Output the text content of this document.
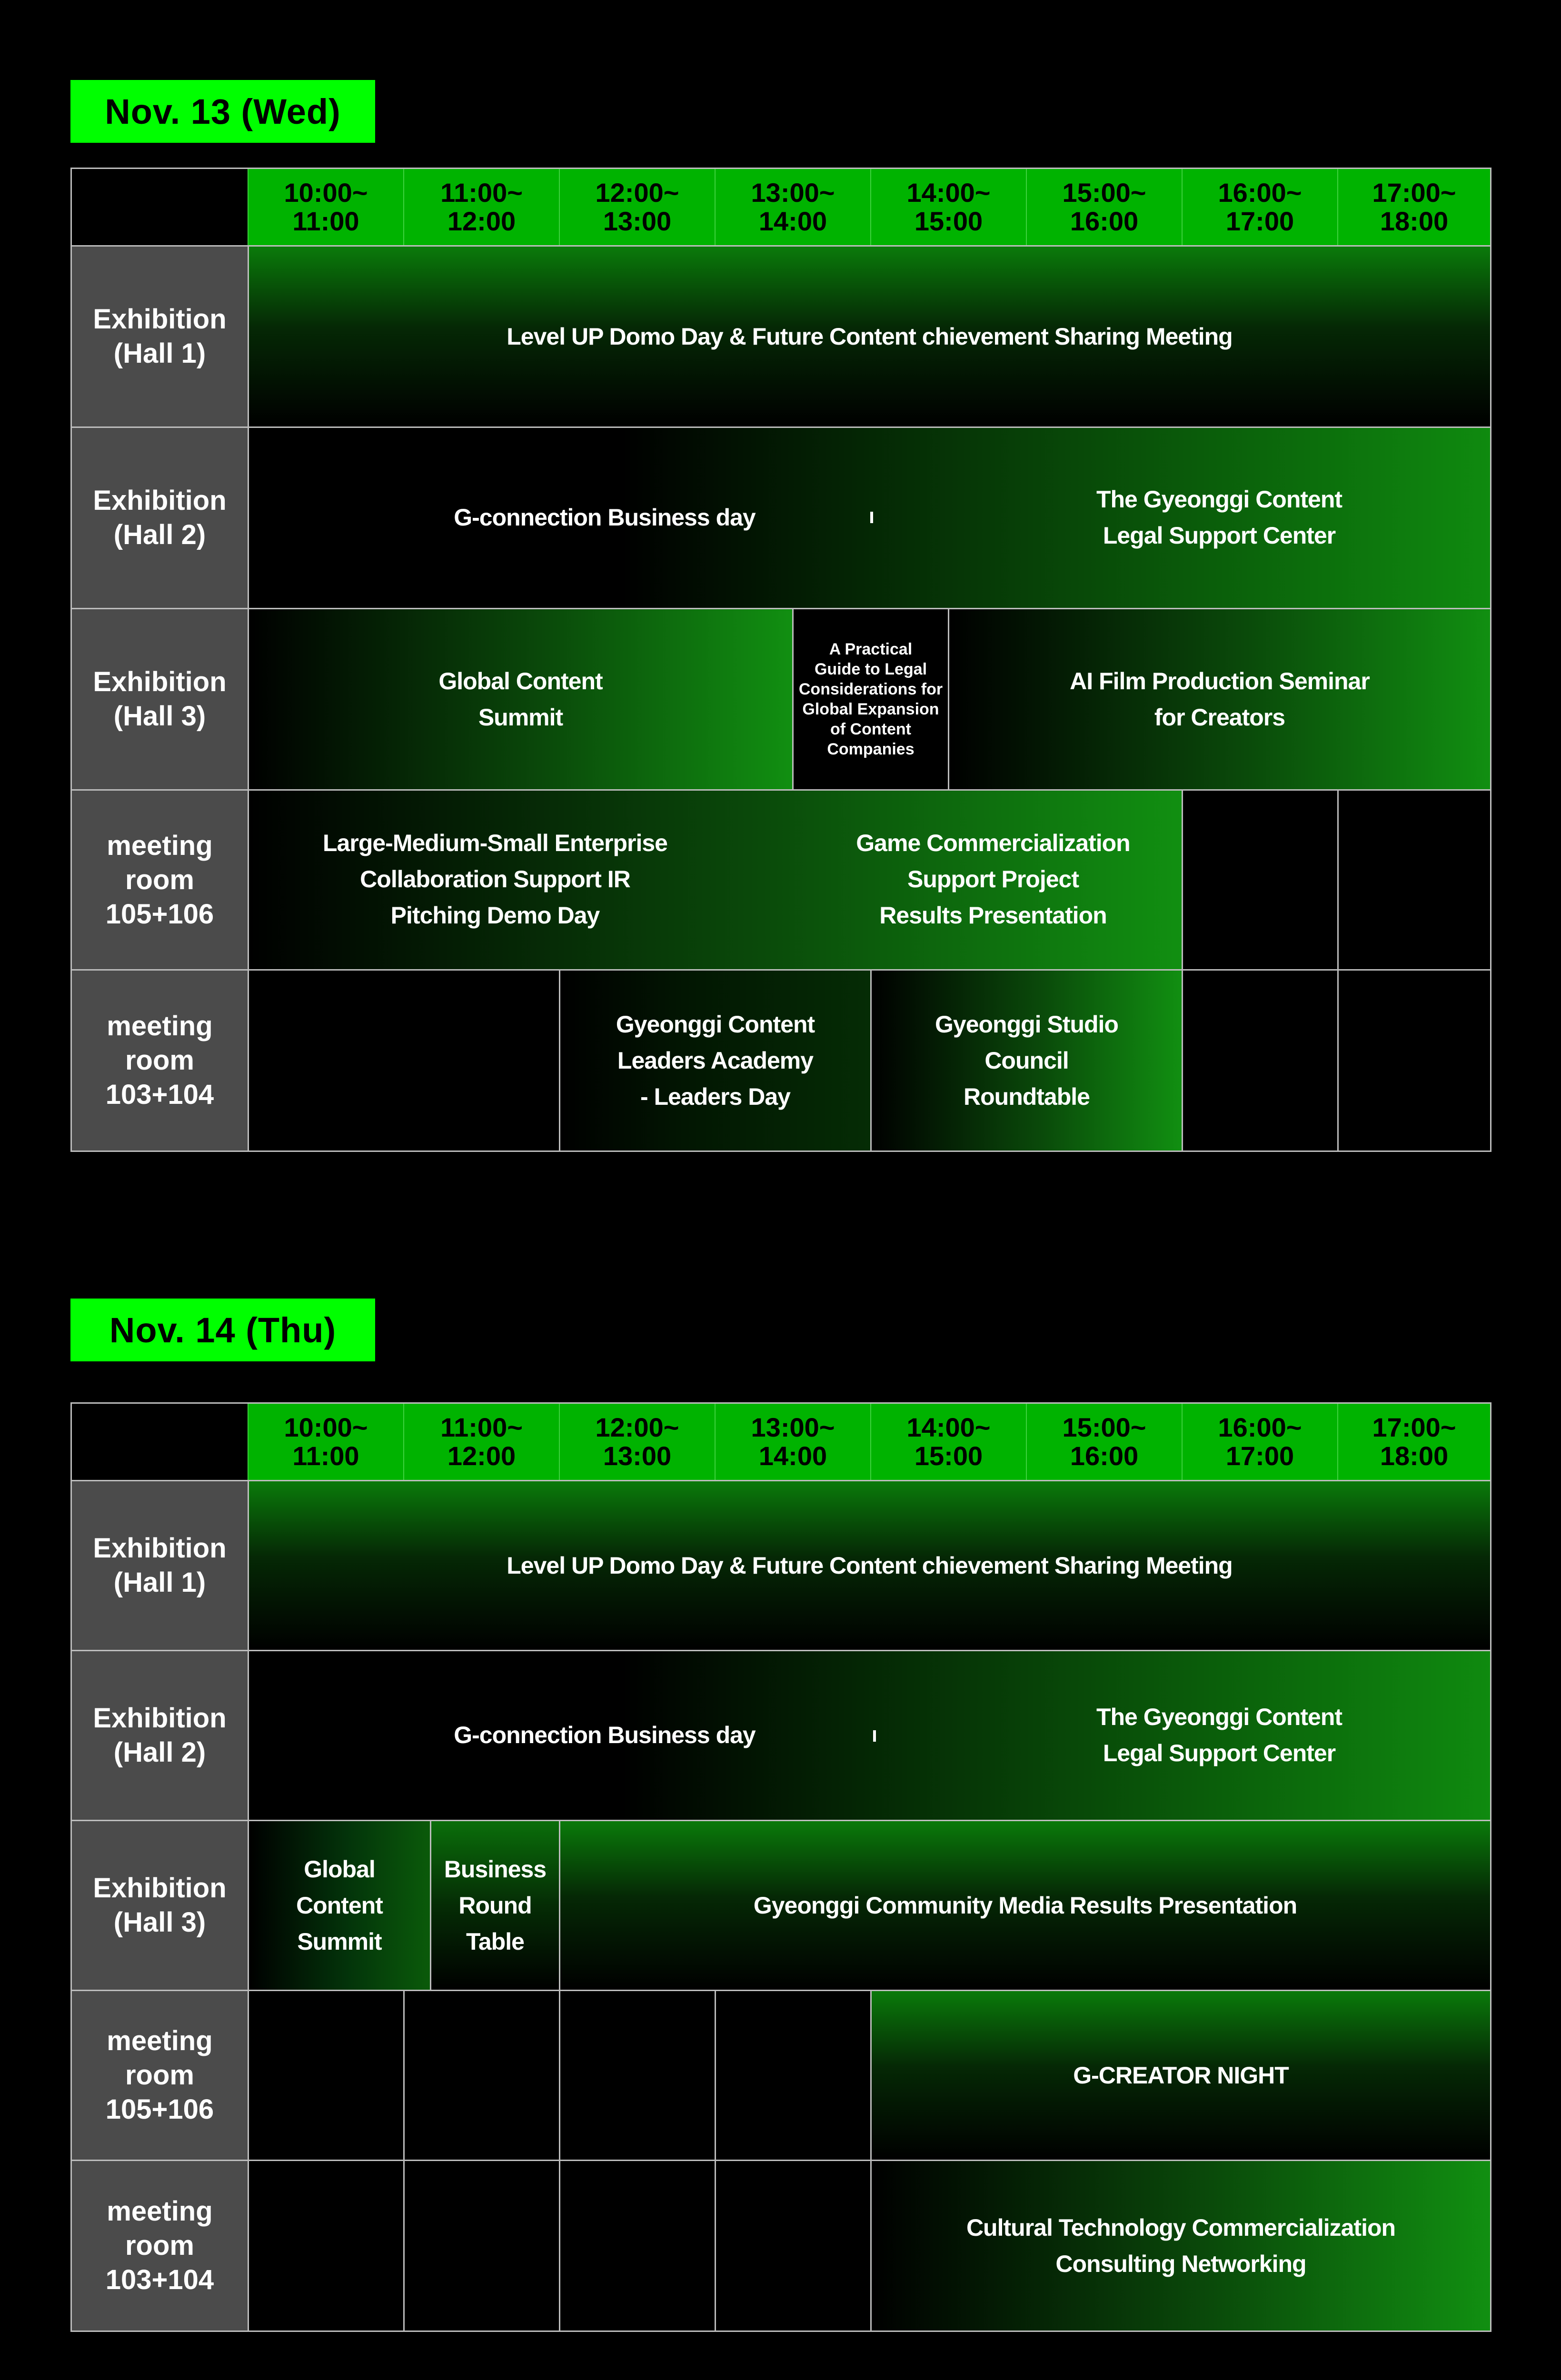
Nov. 13 (Wed)
10:00~
11:00
11:00~
12:00
12:00~
13:00
13:00~
14:00
14:00~
15:00
15:00~
16:00
16:00~
17:00
17:00~
18:00
Exhibition
(Hall 1)
Exhibition
(Hall 2)
Exhibition
(Hall 3)
meeting
room
105+106
meeting
room
103+104
Level UP Domo Day & Future Content chievement Sharing Meeting
G-connection Business day
The Gyeonggi Content
Legal Support Center
Global Content
Summit
A Practical
Guide to Legal
Considerations for
Global Expansion
of Content
Companies
AI Film Production Seminar
for Creators
Large-Medium-Small Enterprise
Collaboration Support IR
Pitching Demo Day
Game Commercialization
Support Project
Results Presentation
Gyeonggi Content
Leaders Academy
- Leaders Day
Gyeonggi Studio
Council
Roundtable
Nov. 14 (Thu)
10:00~
11:00
11:00~
12:00
12:00~
13:00
13:00~
14:00
14:00~
15:00
15:00~
16:00
16:00~
17:00
17:00~
18:00
Exhibition
(Hall 1)
Exhibition
(Hall 2)
Exhibition
(Hall 3)
meeting
room
105+106
meeting
room
103+104
Level UP Domo Day & Future Content chievement Sharing Meeting
G-connection Business day
The Gyeonggi Content
Legal Support Center
Global
Content
Summit
Business
Round
Table
Gyeonggi Community Media Results Presentation
G-CREATOR NIGHT
Cultural Technology Commercialization
Consulting Networking
